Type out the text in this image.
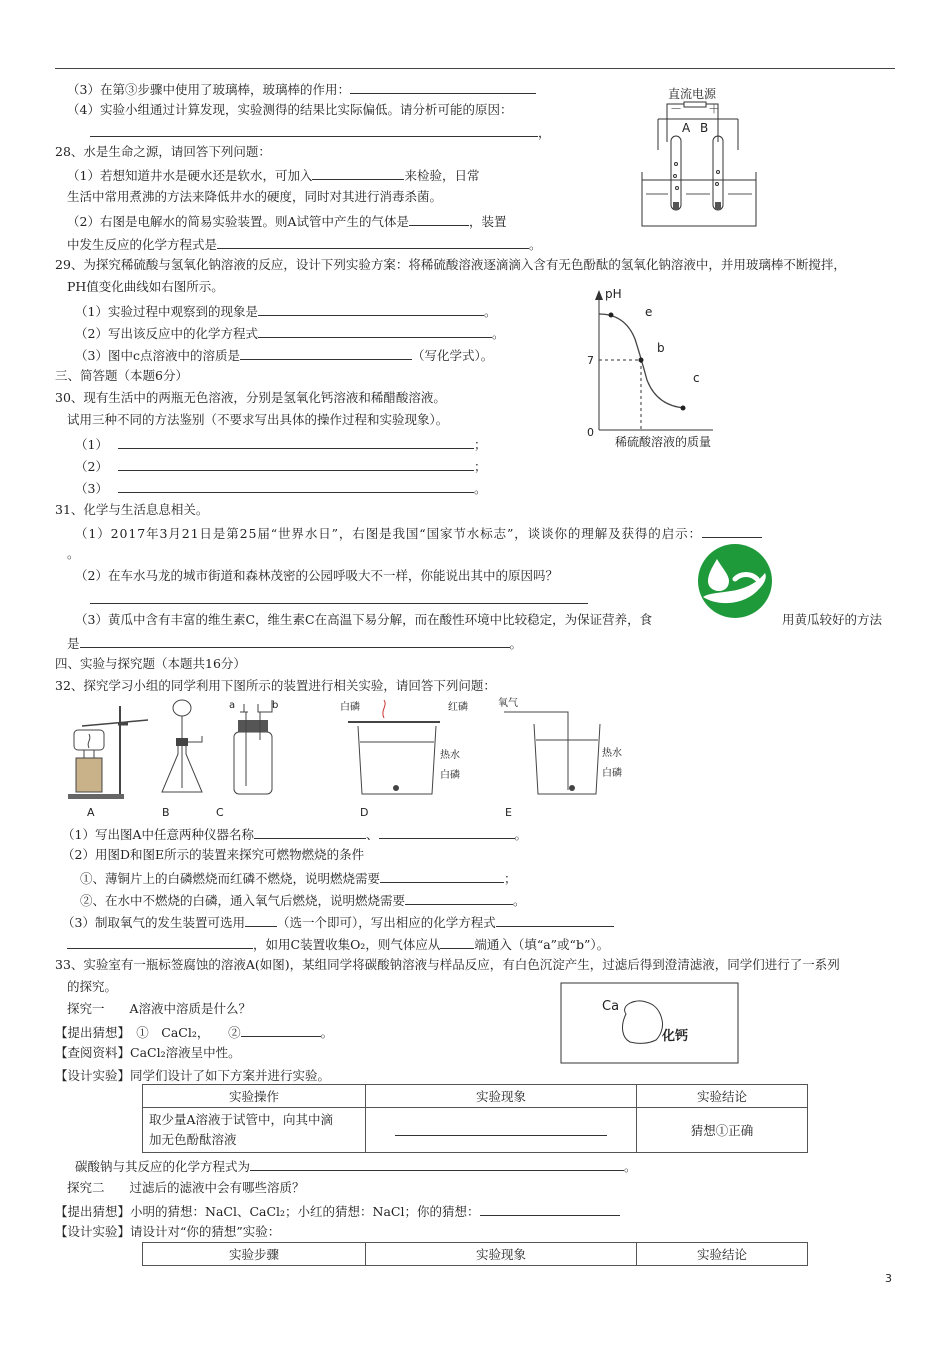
（3）在第③步骤中使用了玻璃棒，玻璃棒的作用：
（4）实验小组通过计算发现，实验测得的结果比实际偏低。请分析可能的原因：
，
直流电源
－ ＋
A B
28、水是生命之源，请回答下列问题：
（1）若想知道井水是硬水还是软水，可加入	来检验，日常
生活中常用煮沸的方法来降低井水的硬度，同时对其进行消毒杀菌。
（2）右图是电解水的简易实验装置。则A试管中产生的气体是	，装置
中发生反应的化学方程式是	。
29、为探究稀硫酸与氢氧化钠溶液的反应，设计下列实验方案：将稀硫酸溶液逐滴滴入含有无色酚酞的氢氧化钠溶液中，并用玻璃棒不断搅拌，
PH值变化曲线如右图所示。
（1）实验过程中观察到的现象是	。
（2）写出该反应中的化学方程式	。
（3）图中c点溶液中的溶质是	（写化学式）。
pH
7
0
e
b
c
稀硫酸溶液的质量
三、简答题（本题6分）
30、现有生活中的两瓶无色溶液，分别是氢氧化钙溶液和稀醋酸溶液。
试用三种不同的方法鉴别（不要求写出具体的操作过程和实验现象）。
（1）	；
（2）	；
（3）	。
31、化学与生活息息相关。
（1）2017年3月21日是第25届“世界水日”，右图是我国“国家节水标志”，谈谈你的理解及获得的启示：
。
（2）在车水马龙的城市街道和森林茂密的公园呼吸大不一样，你能说出其中的原因吗？
（3）黄瓜中含有丰富的维生素C，维生素C在高温下易分解，而在酸性环境中比较稳定，为保证营养，食	用黄瓜较好的方法
是	。
四、实验与探究题（本题共16分）
32、探究学习小组的同学利用下图所示的装置进行相关实验，请回答下列问题：
a	b	白磷	红磷
热水
白磷
氧气
热水
白磷
A	B	C	D	E
（1）写出图A中任意两种仪器名称	、	。
（2）用图D和图E所示的装置来探究可燃物燃烧的条件
①、薄铜片上的白磷燃烧而红磷不燃烧，说明燃烧需要	；
②、在水中不燃烧的白磷，通入氧气后燃烧，说明燃烧需要	。
（3）制取氧气的发生装置可选用	（选一个即可），写出相应的化学方程式
，如用C装置收集O₂，则气体应从	端通入（填“a”或“b”）。
33、实验室有一瓶标签腐蚀的溶液A(如图)，某组同学将碳酸钠溶液与样品反应，有白色沉淀产生，过滤后得到澄清滤液，同学们进行了一系列
的探究。
Ca
化钙
探究一　　A溶液中溶质是什么？
【提出猜想】　①　CaCl₂，　　②	。
【查阅资料】CaCl₂溶液呈中性。
【设计实验】同学们设计了如下方案并进行实验。
实验操作	实验现象	实验结论
取少量A溶液于试管中，向其中滴
加无色酚酞溶液		猜想①正确
碳酸钠与其反应的化学方程式为	。
探究二　　过滤后的滤液中会有哪些溶质？
【提出猜想】小明的猜想：NaCl、CaCl₂；小红的猜想：NaCl；你的猜想：
【设计实验】请设计对“你的猜想”实验：
实验步骤	实验现象	实验结论
3
